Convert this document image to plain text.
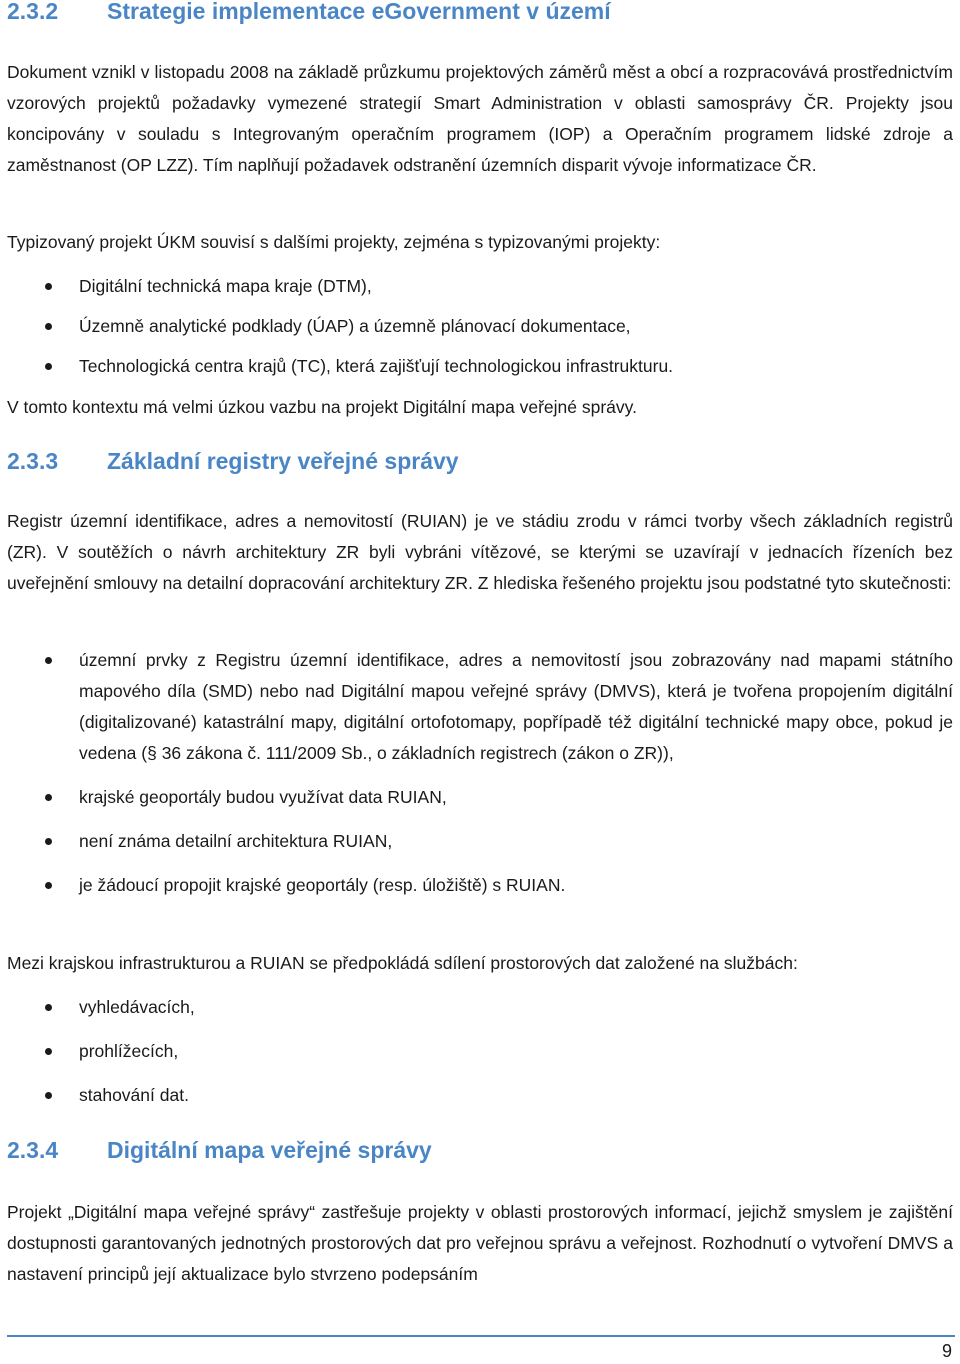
2.3.2	Strategie implementace eGovernment v území
Dokument vznikl v listopadu 2008 na základě průzkumu projektových záměrů měst a obcí a rozpracovává prostřednictvím vzorových projektů požadavky vymezené strategií Smart Administration v oblasti samosprávy ČR. Projekty jsou koncipovány v souladu s Integrovaným operačním programem (IOP) a Operačním programem lidské zdroje a zaměstnanost (OP LZZ). Tím naplňují požadavek odstranění územních disparit vývoje informatizace ČR.
Typizovaný projekt ÚKM souvisí s dalšími projekty, zejména s typizovanými projekty:
Digitální technická mapa kraje (DTM),
Územně analytické podklady (ÚAP) a územně plánovací dokumentace,
Technologická centra krajů (TC), která zajišťují technologickou infrastrukturu.
V tomto kontextu má velmi úzkou vazbu na projekt Digitální mapa veřejné správy.
2.3.3	Základní registry veřejné správy
Registr územní identifikace, adres a nemovitostí (RUIAN) je ve stádiu zrodu v rámci tvorby všech základních registrů (ZR). V soutěžích o návrh architektury ZR byli vybráni vítězové, se kterými se uzavírají v jednacích řízeních bez uveřejnění smlouvy na detailní dopracování architektury ZR. Z hlediska řešeného projektu jsou podstatné tyto skutečnosti:
územní prvky z Registru územní identifikace, adres a nemovitostí jsou zobrazovány nad mapami státního mapového díla (SMD) nebo nad Digitální mapou veřejné správy (DMVS), která je tvořena propojením digitální (digitalizované) katastrální mapy, digitální ortofotomapy, popřípadě též digitální technické mapy obce, pokud je vedena (§ 36 zákona č. 111/2009 Sb., o základních registrech (zákon o ZR)),
krajské geoportály budou využívat data RUIAN,
není známa detailní architektura RUIAN,
je žádoucí propojit krajské geoportály (resp. úložiště) s RUIAN.
Mezi krajskou infrastrukturou a RUIAN se předpokládá sdílení prostorových dat založené na službách:
vyhledávacích,
prohlížecích,
stahování dat.
2.3.4	Digitální mapa veřejné správy
Projekt „Digitální mapa veřejné správy“ zastřešuje projekty v oblasti prostorových informací, jejichž smyslem je zajištění dostupnosti garantovaných jednotných prostorových dat pro veřejnou správu a veřejnost. Rozhodnutí o vytvoření DMVS a nastavení principů její aktualizace bylo stvrzeno podepsáním
9
